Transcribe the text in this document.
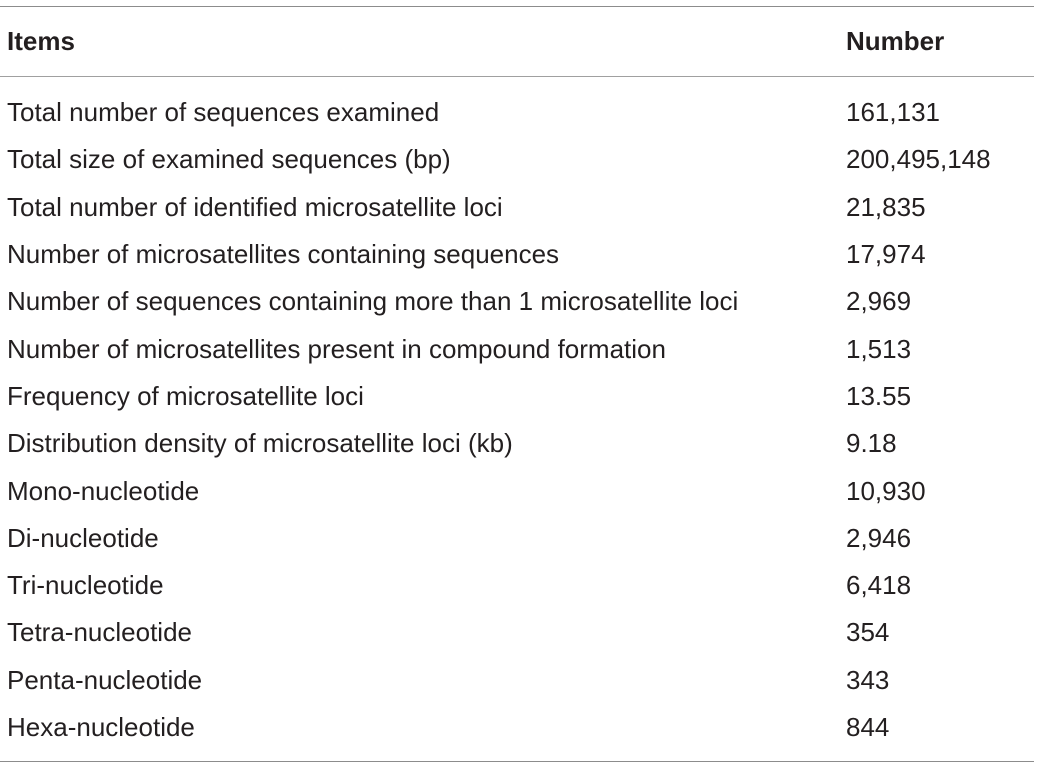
Items	Number
Total number of sequences examined	161,131
Total size of examined sequences (bp)	200,495,148
Total number of identified microsatellite loci	21,835
Number of microsatellites containing sequences	17,974
Number of sequences containing more than 1 microsatellite loci	2,969
Number of microsatellites present in compound formation	1,513
Frequency of microsatellite loci	13.55
Distribution density of microsatellite loci (kb)	9.18
Mono-nucleotide	10,930
Di-nucleotide	2,946
Tri-nucleotide	6,418
Tetra-nucleotide	354
Penta-nucleotide	343
Hexa-nucleotide	844
